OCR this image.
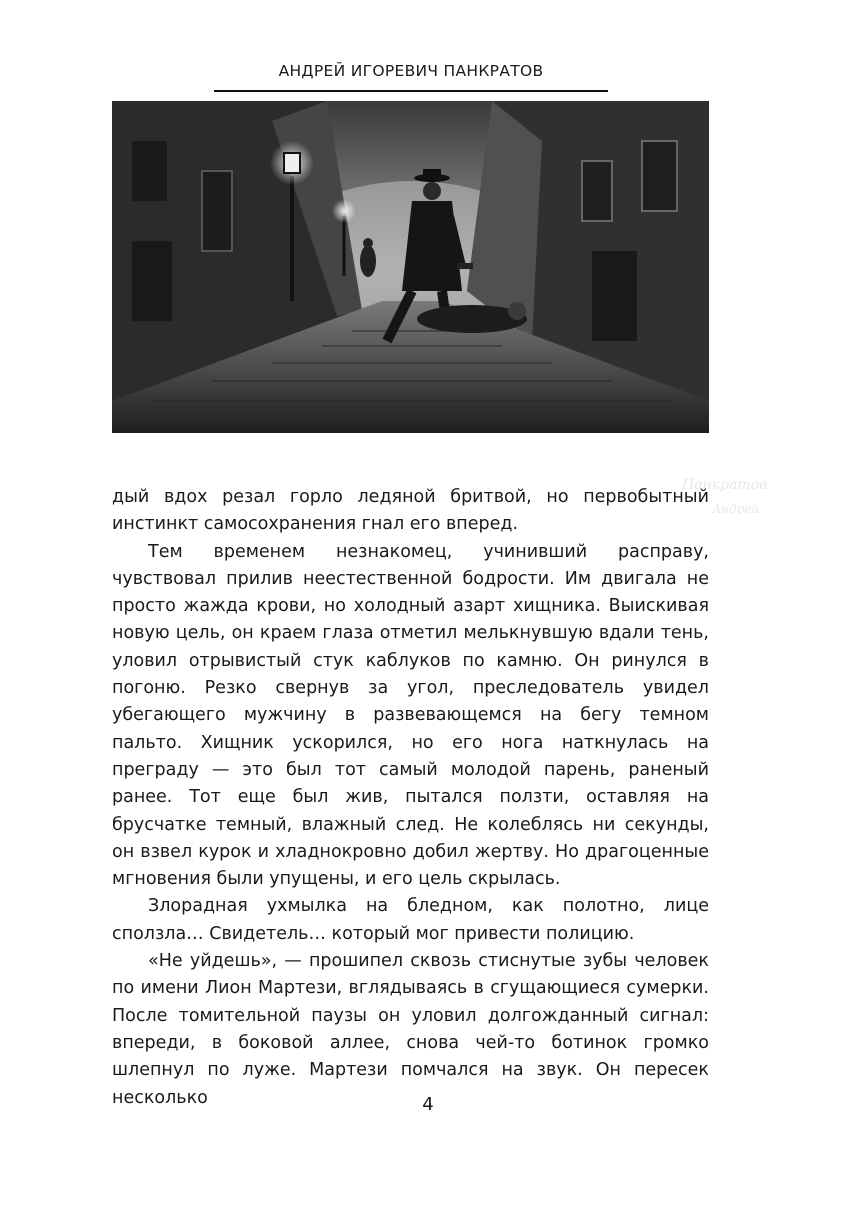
АНДРЕЙ ИГОРЕВИЧ ПАНКРАТОВ
Панкратов
Андрей

дый вдох резал горло ледяной бритвой, но первобытный инстинкт самосохранения гнал его вперед.

Тем временем незнакомец, учинивший расправу, чувствовал прилив неестественной бодрости. Им двигала не просто жажда крови, но холодный азарт хищника. Выискивая новую цель, он краем глаза отметил мелькнувшую вдали тень, уловил отрывистый стук каблуков по камню. Он ринулся в погоню. Резко свернув за угол, преследователь увидел убегающего мужчину в развевающемся на бегу темном пальто. Хищник ускорился, но его нога наткнулась на преграду — это был тот самый молодой парень, раненый ранее. Тот еще был жив, пытался ползти, оставляя на брусчатке темный, влажный след. Не колеблясь ни секунды, он взвел курок и хладнокровно добил жертву. Но драгоценные мгновения были упущены, и его цель скрылась.

Злорадная ухмылка на бледном, как полотно, лице сползла… Свидетель… который мог привести полицию.

«Не уйдешь», — прошипел сквозь стиснутые зубы человек по имени Лион Мартези, вглядываясь в сгущающиеся сумерки. После томительной паузы он уловил долгожданный сигнал: впереди, в боковой аллее, снова чей-то ботинок громко шлепнул по луже. Мартези помчался на звук. Он пересек несколько	4
